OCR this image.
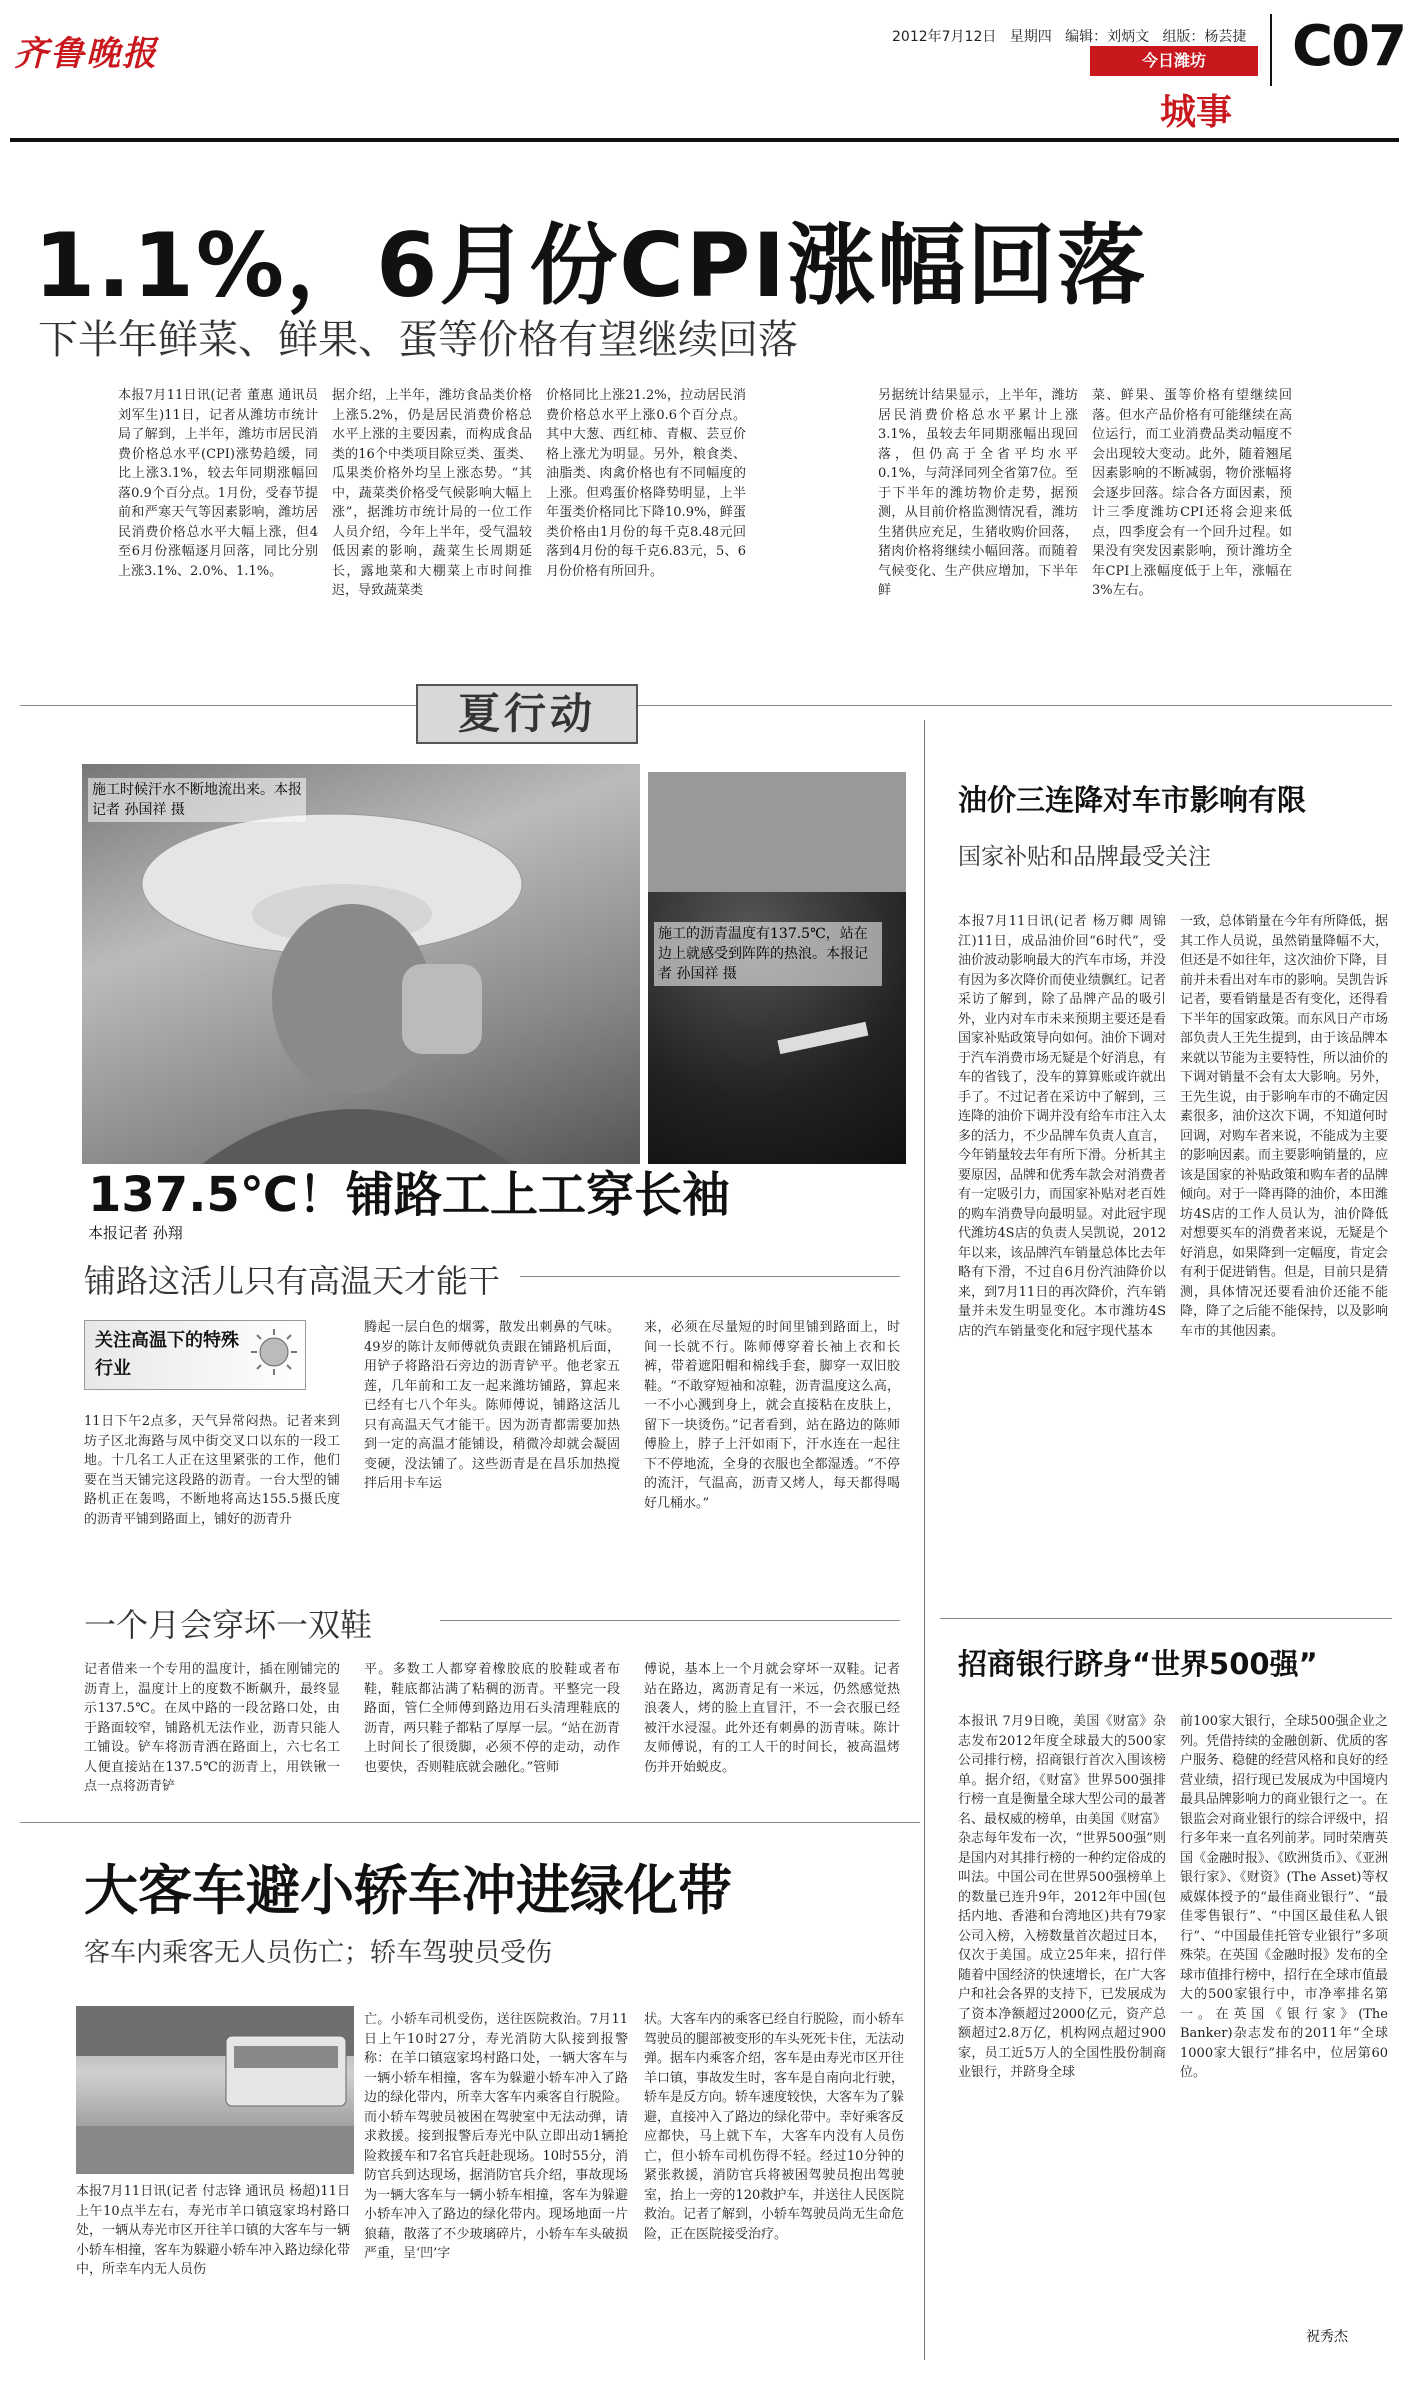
齐鲁晚报	2012年7月12日 星期四 编辑：刘炳文 组版：杨芸捷
今日潍坊
城事
C07
1.1%，6月份CPI涨幅回落
下半年鲜菜、鲜果、蛋等价格有望继续回落
本报7月11日讯(记者 董惠 通讯员 刘军生)11日，记者从潍坊市统计局了解到，上半年，潍坊市居民消费价格总水平(CPI)涨势趋缓，同比上涨3.1%，较去年同期涨幅回落0.9个百分点。1月份，受春节提前和严寒天气等因素影响，潍坊居民消费价格总水平大幅上涨，但4至6月份涨幅逐月回落，同比分别上涨3.1%、2.0%、1.1%。
据介绍，上半年，潍坊食品类价格上涨5.2%，仍是居民消费价格总水平上涨的主要因素，而构成食品类的16个中类项目除豆类、蛋类、瓜果类价格外均呈上涨态势。“其中，蔬菜类价格受气候影响大幅上涨”，据潍坊市统计局的一位工作人员介绍，今年上半年，受气温较低因素的影响，蔬菜生长周期延长，露地菜和大棚菜上市时间推迟，导致蔬菜类
价格同比上涨21.2%，拉动居民消费价格总水平上涨0.6个百分点。其中大葱、西红柿、青椒、芸豆价格上涨尤为明显。另外，粮食类、油脂类、肉禽价格也有不同幅度的上涨。但鸡蛋价格降势明显，上半年蛋类价格同比下降10.9%，鲜蛋类价格由1月份的每千克8.48元回落到4月份的每千克6.83元，5、6月份价格有所回升。
另据统计结果显示，上半年，潍坊居民消费价格总水平累计上涨3.1%，虽较去年同期涨幅出现回落，但仍高于全省平均水平0.1%，与菏泽同列全省第7位。至于下半年的潍坊物价走势，据预测，从目前价格监测情况看，潍坊生猪供应充足，生猪收购价回落，猪肉价格将继续小幅回落。而随着气候变化、生产供应增加，下半年鲜
菜、鲜果、蛋等价格有望继续回落。但水产品价格有可能继续在高位运行，而工业消费品类动幅度不会出现较大变动。此外，随着翘尾因素影响的不断减弱，物价涨幅将会逐步回落。综合各方面因素，预计三季度潍坊CPI还将会迎来低点，四季度会有一个回升过程。如果没有突发因素影响，预计潍坊全年CPI上涨幅度低于上年，涨幅在3%左右。
夏行动
施工时候汗水不断地流出来。本报记者 孙国祥 摄
施工的沥青温度有137.5℃，站在边上就感受到阵阵的热浪。本报记者 孙国祥 摄
137.5℃！铺路工上工穿长袖
本报记者 孙翔
铺路这活儿只有高温天才能干
关注高温下的特殊行业
11日下午2点多，天气异常闷热。记者来到坊子区北海路与凤中街交叉口以东的一段工地。十几名工人正在这里紧张的工作，他们要在当天铺完这段路的沥青。一台大型的铺路机正在轰鸣，不断地将高达155.5摄氏度的沥青平铺到路面上，铺好的沥青升
腾起一层白色的烟雾，散发出刺鼻的气味。49岁的陈计友师傅就负责跟在铺路机后面，用铲子将路沿石旁边的沥青铲平。他老家五莲，几年前和工友一起来潍坊铺路，算起来已经有七八个年头。陈师傅说，铺路这活儿只有高温天气才能干。因为沥青都需要加热到一定的高温才能铺设，稍微冷却就会凝固变硬，没法铺了。这些沥青是在昌乐加热搅拌后用卡车运
来，必须在尽量短的时间里铺到路面上，时间一长就不行。陈师傅穿着长袖上衣和长裤，带着遮阳帽和棉线手套，脚穿一双旧胶鞋。“不敢穿短袖和凉鞋，沥青温度这么高，一不小心溅到身上，就会直接粘在皮肤上，留下一块烫伤。”记者看到，站在路边的陈师傅脸上，脖子上汗如雨下，汗水连在一起往下不停地流，全身的衣服也全都湿透。“不停的流汗，气温高，沥青又烤人，每天都得喝好几桶水。”
一个月会穿坏一双鞋
记者借来一个专用的温度计，插在刚铺完的沥青上，温度计上的度数不断飙升，最终显示137.5℃。在凤中路的一段岔路口处，由于路面较窄，铺路机无法作业，沥青只能人工铺设。铲车将沥青洒在路面上，六七名工人便直接站在137.5℃的沥青上，用铁锹一点一点将沥青铲
平。多数工人都穿着橡胶底的胶鞋或者布鞋，鞋底都沾满了粘稠的沥青。平整完一段路面，管仁全师傅到路边用石头清理鞋底的沥青，两只鞋子都粘了厚厚一层。“站在沥青上时间长了很烫脚，必须不停的走动，动作也要快，否则鞋底就会融化。”管师
傅说，基本上一个月就会穿坏一双鞋。记者站在路边，离沥青足有一米远，仍然感觉热浪袭人，烤的脸上直冒汗，不一会衣服已经被汗水浸湿。此外还有刺鼻的沥青味。陈计友师傅说，有的工人干的时间长，被高温烤伤并开始蜕皮。
大客车避小轿车冲进绿化带
客车内乘客无人员伤亡；轿车驾驶员受伤
本报7月11日讯(记者 付志锋 通讯员 杨超)11日上午10点半左右，寿光市羊口镇寇家坞村路口处，一辆从寿光市区开往羊口镇的大客车与一辆小轿车相撞，客车为躲避小轿车冲入路边绿化带中，所幸车内无人员伤
亡。小轿车司机受伤，送往医院救治。7月11日上午10时27分，寿光消防大队接到报警称：在羊口镇寇家坞村路口处，一辆大客车与一辆小轿车相撞，客车为躲避小轿车冲入了路边的绿化带内，所幸大客车内乘客自行脱险。而小轿车驾驶员被困在驾驶室中无法动弹，请求救援。接到报警后寿光中队立即出动1辆抢险救援车和7名官兵赶赴现场。10时55分，消防官兵到达现场，据消防官兵介绍，事故现场为一辆大客车与一辆小轿车相撞，客车为躲避小轿车冲入了路边的绿化带内。现场地面一片狼藉，散落了不少玻璃碎片，小轿车车头破损严重，呈‘凹’字
状。大客车内的乘客已经自行脱险，而小轿车驾驶员的腿部被变形的车头死死卡住，无法动弹。据车内乘客介绍，客车是由寿光市区开往羊口镇，事故发生时，客车是自南向北行驶，轿车是反方向。轿车速度较快，大客车为了躲避，直接冲入了路边的绿化带中。幸好乘客反应都快，马上就下车，大客车内没有人员伤亡，但小轿车司机伤得不轻。经过10分钟的紧张救援，消防官兵将被困驾驶员抱出驾驶室，抬上一旁的120救护车，并送往人民医院救治。记者了解到，小轿车驾驶员尚无生命危险，正在医院接受治疗。
油价三连降对车市影响有限
国家补贴和品牌最受关注
本报7月11日讯(记者 杨万卿 周锦江)11日，成品油价回“6时代”，受油价波动影响最大的汽车市场，并没有因为多次降价而使业绩飘红。记者采访了解到，除了品牌产品的吸引外，业内对车市未来预期主要还是看国家补贴政策导向如何。油价下调对于汽车消费市场无疑是个好消息，有车的省钱了，没车的算算账或许就出手了。不过记者在采访中了解到，三连降的油价下调并没有给车市注入太多的活力，不少品牌车负责人直言，今年销量较去年有所下滑。分析其主要原因，品牌和优秀车款会对消费者有一定吸引力，而国家补贴对老百姓的购车消费导向最明显。对此冠宇现代潍坊4S店的负责人吴凯说，2012年以来，该品牌汽车销量总体比去年略有下滑，不过自6月份汽油降价以来，到7月11日的再次降价，汽车销量并未发生明显变化。本市潍坊4S店的汽车销量变化和冠宇现代基本
一致，总体销量在今年有所降低，据其工作人员说，虽然销量降幅不大，但还是不如往年，这次油价下降，目前并未看出对车市的影响。吴凯告诉记者，要看销量是否有变化，还得看下半年的国家政策。而东风日产市场部负责人王先生提到，由于该品牌本来就以节能为主要特性，所以油价的下调对销量不会有太大影响。另外，王先生说，由于影响车市的不确定因素很多，油价这次下调，不知道何时回调，对购车者来说，不能成为主要的影响因素。而主要影响销量的，应该是国家的补贴政策和购车者的品牌倾向。对于一降再降的油价，本田潍坊4S店的工作人员认为，油价降低对想要买车的消费者来说，无疑是个好消息，如果降到一定幅度，肯定会有利于促进销售。但是，目前只是猜测，具体情况还要看油价还能不能降，降了之后能不能保持，以及影响车市的其他因素。
招商银行跻身“世界500强”
本报讯 7月9日晚，美国《财富》杂志发布2012年度全球最大的500家公司排行榜，招商银行首次入围该榜单。据介绍，《财富》世界500强排行榜一直是衡量全球大型公司的最著名、最权威的榜单，由美国《财富》杂志每年发布一次，“世界500强”则是国内对其排行榜的一种约定俗成的叫法。中国公司在世界500强榜单上的数量已连升9年，2012年中国(包括内地、香港和台湾地区)共有79家公司入榜，入榜数量首次超过日本，仅次于美国。成立25年来，招行伴随着中国经济的快速增长，在广大客户和社会各界的支持下，已发展成为了资本净额超过2000亿元，资产总额超过2.8万亿，机构网点超过900家，员工近5万人的全国性股份制商业银行，并跻身全球
前100家大银行，全球500强企业之列。凭借持续的金融创新、优质的客户服务、稳健的经营风格和良好的经营业绩，招行现已发展成为中国境内最具品牌影响力的商业银行之一。在银监会对商业银行的综合评级中，招行多年来一直名列前茅。同时荣膺英国《金融时报》、《欧洲货币》、《亚洲银行家》、《财资》(The Asset)等权威媒体授予的“最佳商业银行”、“最佳零售银行”、“中国区最佳私人银行”、“中国最佳托管专业银行”多项殊荣。在英国《金融时报》发布的全球市值排行榜中，招行在全球市值最大的500家银行中，市净率排名第一。在英国《银行家》(The Banker)杂志发布的2011年“全球1000家大银行”排名中，位居第60位。
祝秀杰
